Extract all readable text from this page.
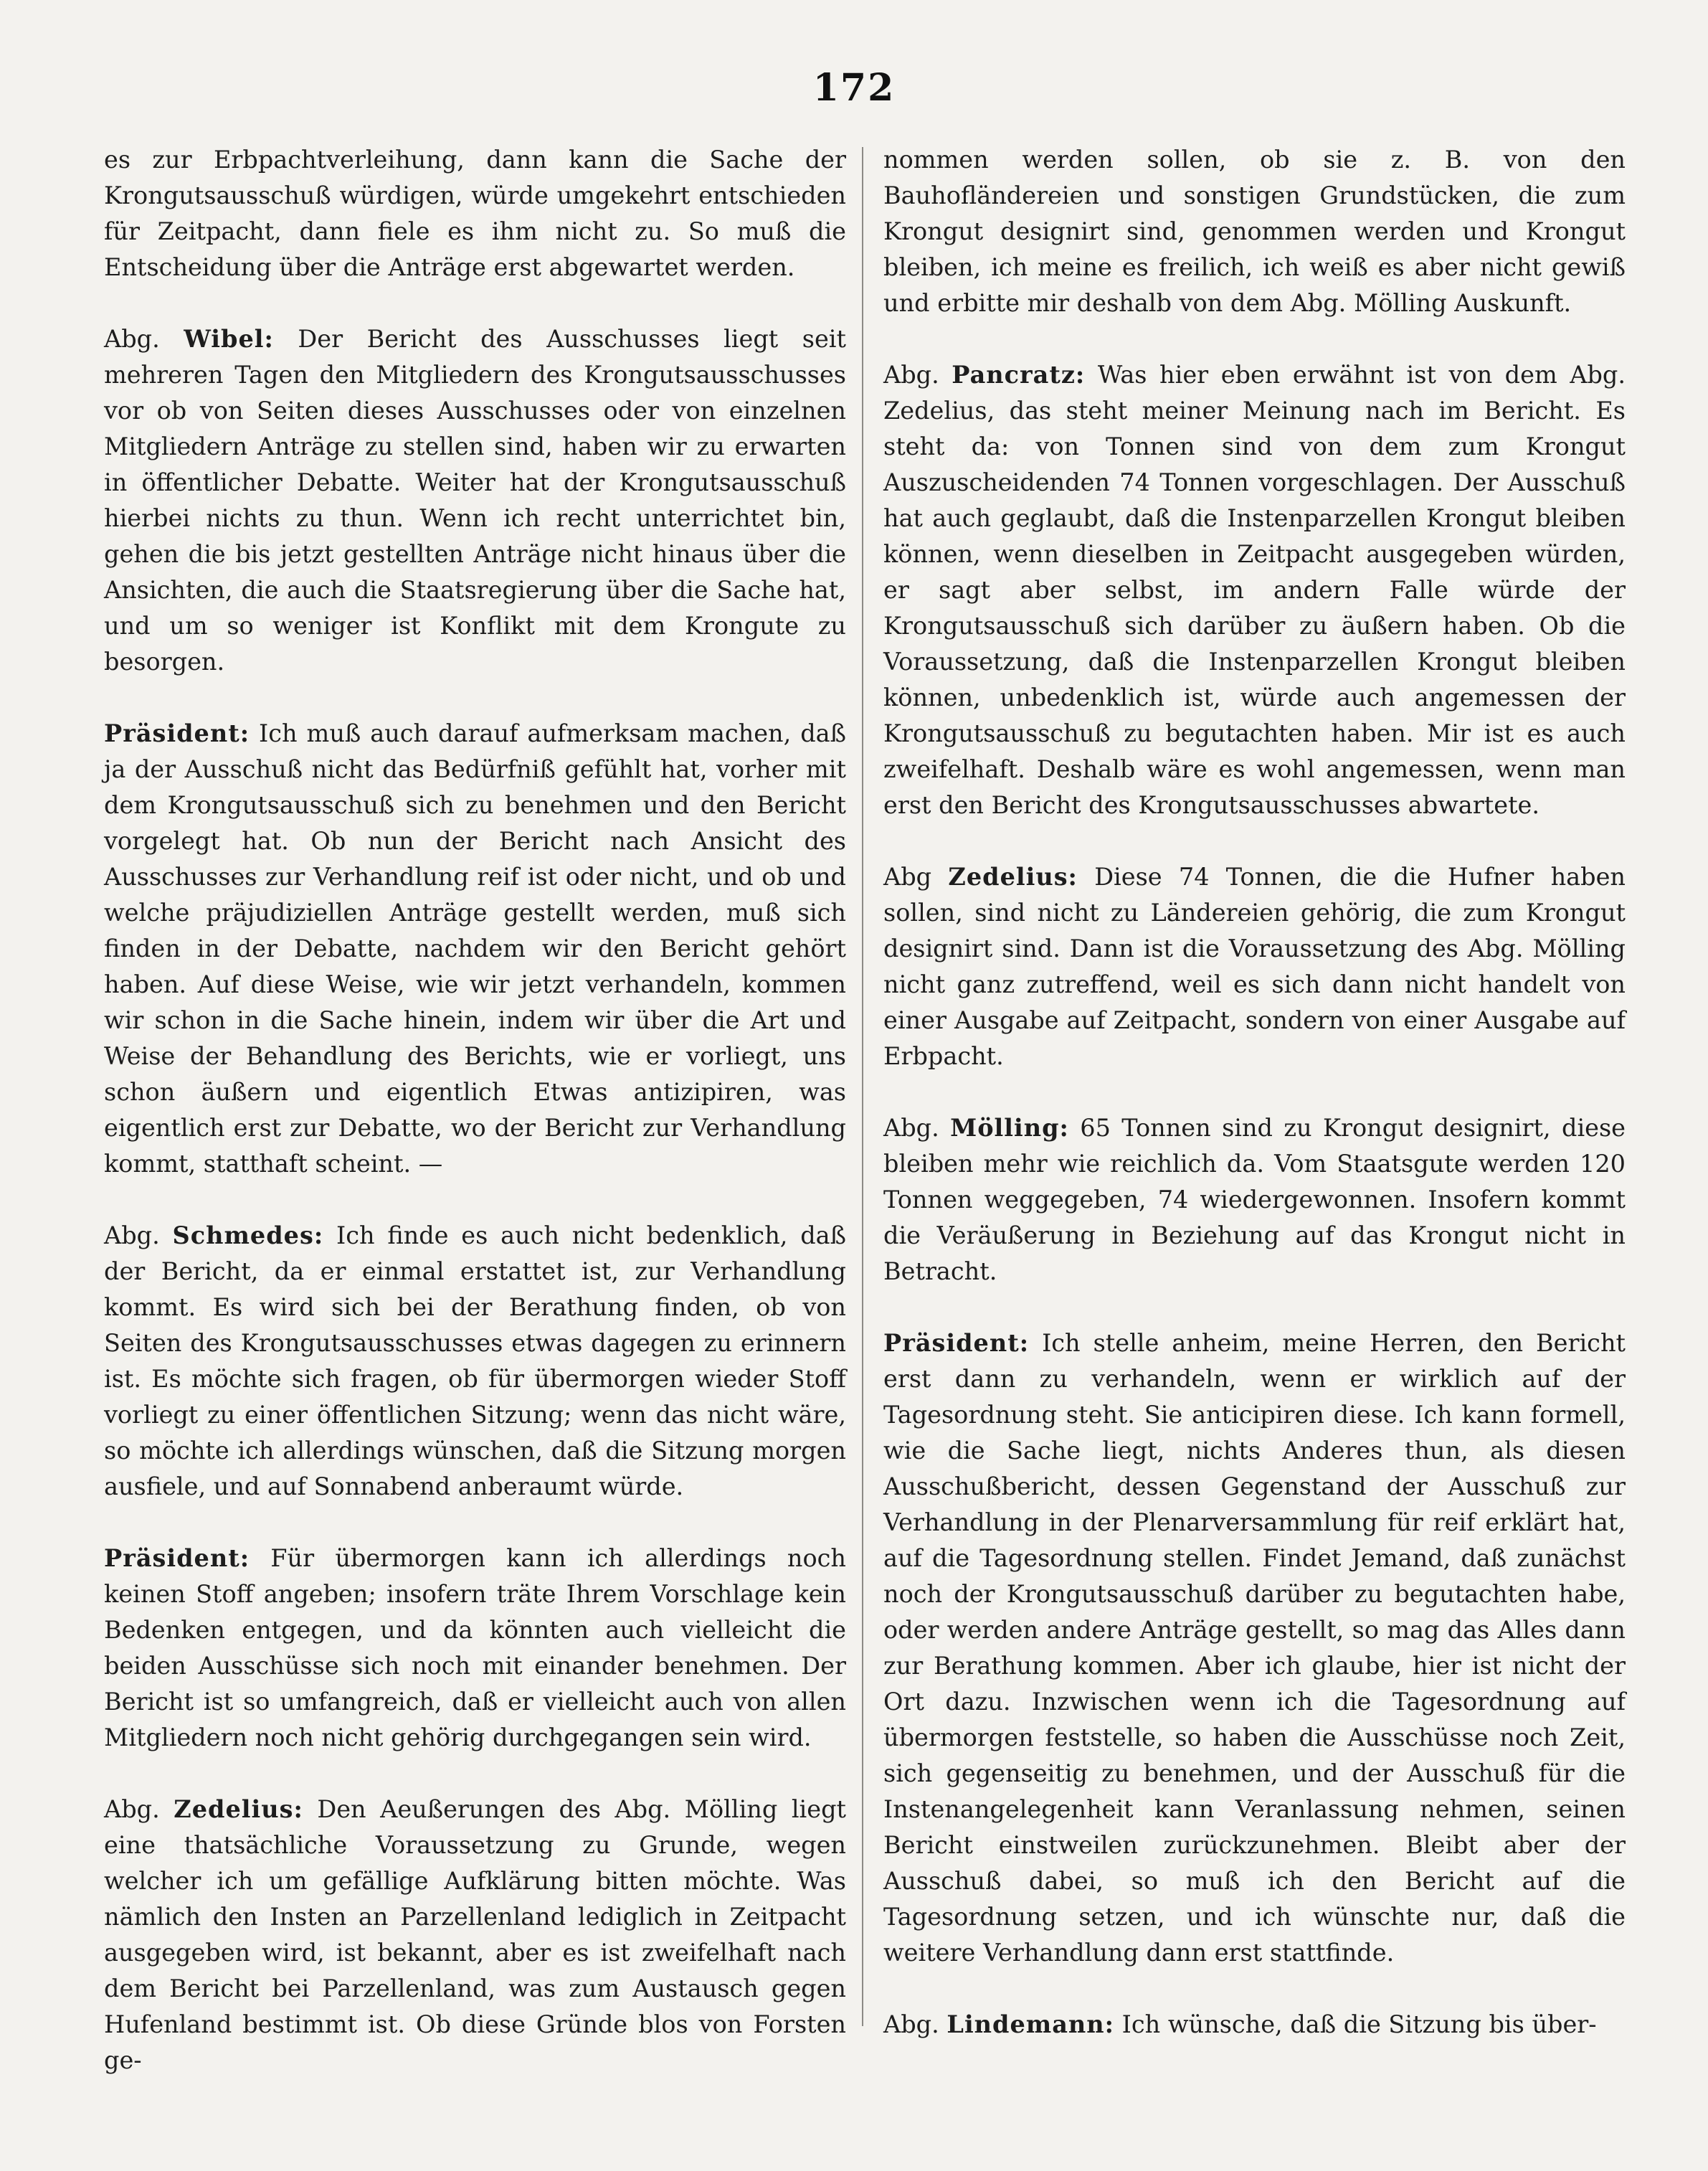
172

es zur Erbpachtverleihung, dann kann die Sache der Krongutsausschuß würdigen, würde umgekehrt entschieden für Zeitpacht, dann fiele es ihm nicht zu. So muß die Entscheidung über die Anträge erst abgewartet werden.

Abg. Wibel: Der Bericht des Ausschusses liegt seit mehreren Tagen den Mitgliedern des Krongutsausschusses vor ob von Seiten dieses Ausschusses oder von einzelnen Mitgliedern Anträge zu stellen sind, haben wir zu erwarten in öffentlicher Debatte. Weiter hat der Krongutsausschuß hierbei nichts zu thun. Wenn ich recht unterrichtet bin, gehen die bis jetzt gestellten Anträge nicht hinaus über die Ansichten, die auch die Staatsregierung über die Sache hat, und um so weniger ist Konflikt mit dem Krongute zu besorgen.

Präsident: Ich muß auch darauf aufmerksam machen, daß ja der Ausschuß nicht das Bedürfniß gefühlt hat, vorher mit dem Krongutsausschuß sich zu benehmen und den Bericht vorgelegt hat. Ob nun der Bericht nach Ansicht des Ausschusses zur Verhandlung reif ist oder nicht, und ob und welche präjudiziellen Anträge gestellt werden, muß sich finden in der Debatte, nachdem wir den Bericht gehört haben. Auf diese Weise, wie wir jetzt verhandeln, kommen wir schon in die Sache hinein, indem wir über die Art und Weise der Behandlung des Berichts, wie er vorliegt, uns schon äußern und eigentlich Etwas antizipiren, was eigentlich erst zur Debatte, wo der Bericht zur Verhandlung kommt, statthaft scheint. —

Abg. Schmedes: Ich finde es auch nicht bedenklich, daß der Bericht, da er einmal erstattet ist, zur Verhandlung kommt. Es wird sich bei der Berathung finden, ob von Seiten des Krongutsausschusses etwas dagegen zu erinnern ist. Es möchte sich fragen, ob für übermorgen wieder Stoff vorliegt zu einer öffentlichen Sitzung; wenn das nicht wäre, so möchte ich allerdings wünschen, daß die Sitzung morgen ausfiele, und auf Sonnabend anberaumt würde.

Präsident: Für übermorgen kann ich allerdings noch keinen Stoff angeben; insofern träte Ihrem Vorschlage kein Bedenken entgegen, und da könnten auch vielleicht die beiden Ausschüsse sich noch mit einander benehmen. Der Bericht ist so umfangreich, daß er vielleicht auch von allen Mitgliedern noch nicht gehörig durchgegangen sein wird.

Abg. Zedelius: Den Aeußerungen des Abg. Mölling liegt eine thatsächliche Voraussetzung zu Grunde, wegen welcher ich um gefällige Aufklärung bitten möchte. Was nämlich den Insten an Parzellenland lediglich in Zeitpacht ausgegeben wird, ist bekannt, aber es ist zweifelhaft nach dem Bericht bei Parzellenland, was zum Austausch gegen Hufenland bestimmt ist. Ob diese Gründe blos von Forsten ge-

nommen werden sollen, ob sie z. B. von den Bauhofländereien und sonstigen Grundstücken, die zum Krongut designirt sind, genommen werden und Krongut bleiben, ich meine es freilich, ich weiß es aber nicht gewiß und erbitte mir deshalb von dem Abg. Mölling Auskunft.

Abg. Pancratz: Was hier eben erwähnt ist von dem Abg. Zedelius, das steht meiner Meinung nach im Bericht. Es steht da: von Tonnen sind von dem zum Krongut Auszuscheidenden 74 Tonnen vorgeschlagen. Der Ausschuß hat auch geglaubt, daß die Instenparzellen Krongut bleiben können, wenn dieselben in Zeitpacht ausgegeben würden, er sagt aber selbst, im andern Falle würde der Krongutsausschuß sich darüber zu äußern haben. Ob die Voraussetzung, daß die Instenparzellen Krongut bleiben können, unbedenklich ist, würde auch angemessen der Krongutsausschuß zu begutachten haben. Mir ist es auch zweifelhaft. Deshalb wäre es wohl angemessen, wenn man erst den Bericht des Krongutsausschusses abwartete.

Abg Zedelius: Diese 74 Tonnen, die die Hufner haben sollen, sind nicht zu Ländereien gehörig, die zum Krongut designirt sind. Dann ist die Voraussetzung des Abg. Mölling nicht ganz zutreffend, weil es sich dann nicht handelt von einer Ausgabe auf Zeitpacht, sondern von einer Ausgabe auf Erbpacht.

Abg. Mölling: 65 Tonnen sind zu Krongut designirt, diese bleiben mehr wie reichlich da. Vom Staatsgute werden 120 Tonnen weggegeben, 74 wiedergewonnen. Insofern kommt die Veräußerung in Beziehung auf das Krongut nicht in Betracht.

Präsident: Ich stelle anheim, meine Herren, den Bericht erst dann zu verhandeln, wenn er wirklich auf der Tagesordnung steht. Sie anticipiren diese. Ich kann formell, wie die Sache liegt, nichts Anderes thun, als diesen Ausschußbericht, dessen Gegenstand der Ausschuß zur Verhandlung in der Plenarversammlung für reif erklärt hat, auf die Tagesordnung stellen. Findet Jemand, daß zunächst noch der Krongutsausschuß darüber zu begutachten habe, oder werden andere Anträge gestellt, so mag das Alles dann zur Berathung kommen. Aber ich glaube, hier ist nicht der Ort dazu. Inzwischen wenn ich die Tagesordnung auf übermorgen feststelle, so haben die Ausschüsse noch Zeit, sich gegenseitig zu benehmen, und der Ausschuß für die Instenangelegenheit kann Veranlassung nehmen, seinen Bericht einstweilen zurückzunehmen. Bleibt aber der Ausschuß dabei, so muß ich den Bericht auf die Tagesordnung setzen, und ich wünschte nur, daß die weitere Verhandlung dann erst stattfinde.

Abg. Lindemann: Ich wünsche, daß die Sitzung bis über-
